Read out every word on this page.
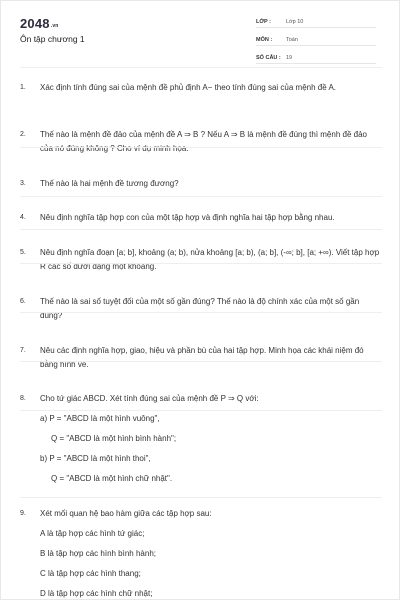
2048.vn
Ôn tập chương 1
LỚP :	Lớp 10
MÔN :	Toán
SỐ CÂU : 19
1.	Xác định tính đúng sai của mệnh đề phủ định A− theo tính đúng sai của mệnh đề A.
2.	Thế nào là mệnh đề đảo của mệnh đề A ⇒ B ? Nếu A ⇒ B là mệnh đề đúng thì mệnh đề đảo của nó đúng không ? Cho ví dụ minh họa.
3.	Thế nào là hai mệnh đề tương đương?
4.	Nêu định nghĩa tập hợp con của một tập hợp và định nghĩa hai tập hợp bằng nhau.
5.	Nêu định nghĩa đoạn [a; b], khoảng (a; b), nửa khoảng [a; b), (a; b], (-∞; b], [a; +∞). Viết tập hợp R các số dưới dạng một khoảng.
6.	Thế nào là sai số tuyệt đối của một số gần đúng? Thế nào là độ chính xác của một số gần đúng?
7.	Nêu các định nghĩa hợp, giao, hiệu và phần bù của hai tập hợp. Minh họa các khái niệm đó bằng hình vẽ.
8.	Cho tứ giác ABCD. Xét tính đúng sai của mệnh đề P ⇒ Q với:
a) P = "ABCD là một hình vuông",
Q = "ABCD là một hình bình hành";
b) P = "ABCD là một hình thoi",
Q = "ABCD là một hình chữ nhật".
9.	Xét mối quan hệ bao hàm giữa các tập hợp sau:
A là tập hợp các hình tứ giác;
B là tập hợp các hình bình hành;
C là tập hợp các hình thang;
D là tập hợp các hình chữ nhật;
